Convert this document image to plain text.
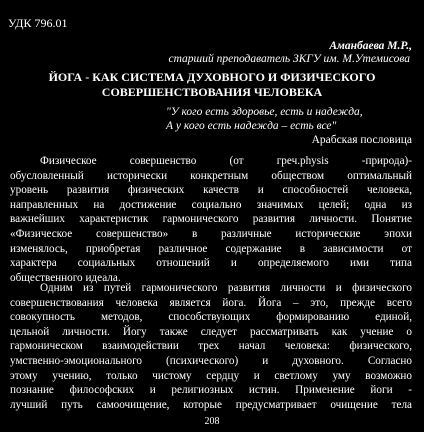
УДК 796.01

Аманбаева М.Р.,

старший преподаватель ЗКГУ им. М.Утемисова

ЙОГА - КАК СИСТЕМА ДУХОВНОГО И ФИЗИЧЕСКОГО
СОВЕРШЕНСТВОВАНИЯ ЧЕЛОВЕКА

"У кого есть здоровье, есть и надежда,

А у кого есть надежда – есть все"

Арабская пословица

Физическое совершенство (от греч.physis -природа)-
обусловленный исторически конкретным обществом оптимальный
уровень развития физических качеств и способностей человека,
направленных на достижение социально значимых целей; одна из
важнейших характеристик гармонического развития личности. Понятие
«Физическое совершенство» в различные исторические эпохи
изменялось, приобретая различное содержание в зависимости от
характера социальных отношений и определяемого ими типа
общественного идеала.
Одним из путей гармонического развития личности и физического
совершенствования человека является йога. Йога – это, прежде всего
совокупность методов, способствующих формированию единой,
цельной личности. Йогу также следует рассматривать как учение о
гармоническом взаимодействии трех начал человека: физического,
умственно-эмоционального (психического) и духовного. Согласно
этому учению, только чистому сердцу и светлому уму возможно
познание философских и религиозных истин. Применение йоги -
лучший путь самоочищение, которые предусматривает очищение тела

208
